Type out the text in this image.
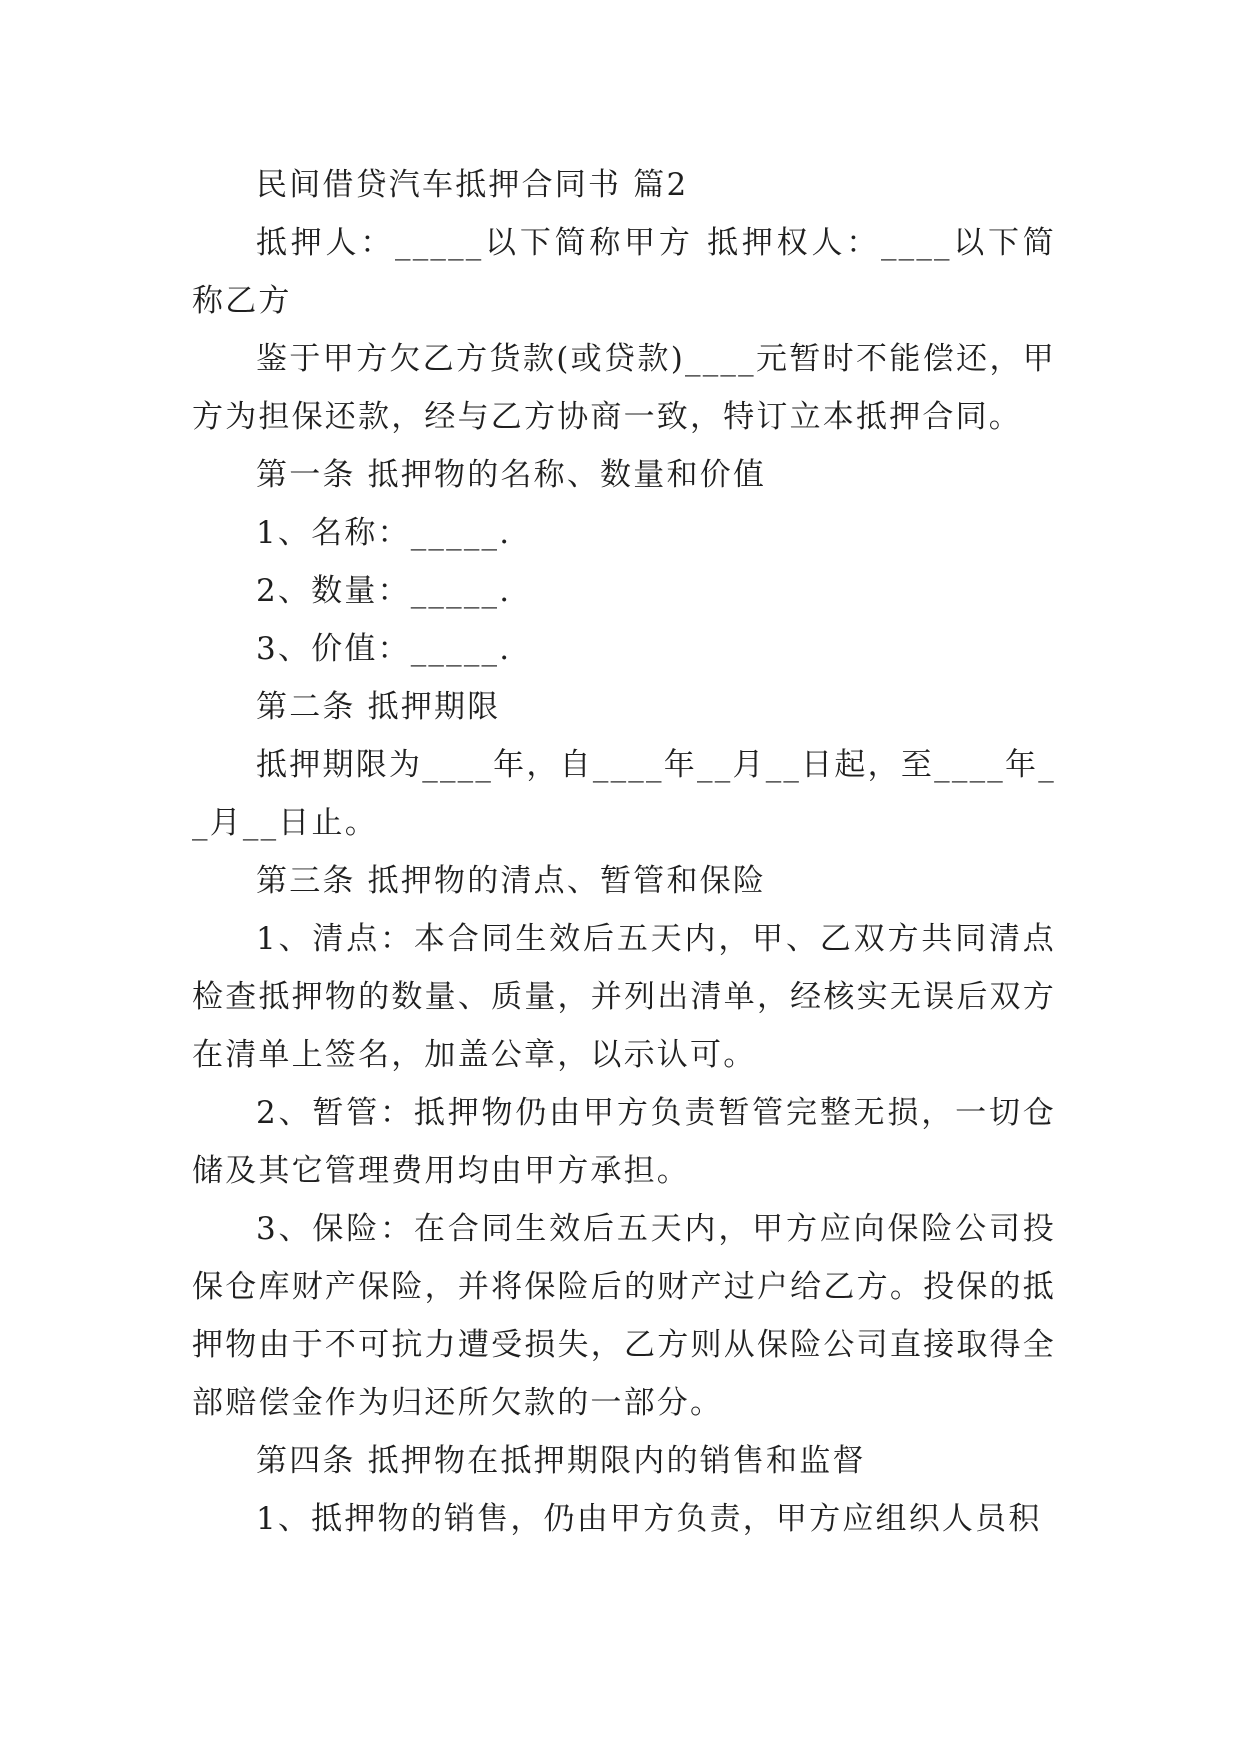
民间借贷汽车抵押合同书 篇2

抵押人：_____以下简称甲方 抵押权人：____以下简称乙方

鉴于甲方欠乙方货款(或贷款)____元暂时不能偿还，甲方为担保还款，经与乙方协商一致，特订立本抵押合同。

第一条 抵押物的名称、数量和价值

1、名称：_____.

2、数量：_____.

3、价值：_____.

第二条 抵押期限

抵押期限为____年，自____年__月__日起，至____年__月__日止。

第三条 抵押物的清点、暂管和保险

1、清点：本合同生效后五天内，甲、乙双方共同清点检查抵押物的数量、质量，并列出清单，经核实无误后双方在清单上签名，加盖公章，以示认可。

2、暂管：抵押物仍由甲方负责暂管完整无损，一切仓储及其它管理费用均由甲方承担。

3、保险：在合同生效后五天内，甲方应向保险公司投保仓库财产保险，并将保险后的财产过户给乙方。投保的抵押物由于不可抗力遭受损失，乙方则从保险公司直接取得全部赔偿金作为归还所欠款的一部分。

第四条 抵押物在抵押期限内的销售和监督

1、抵押物的销售，仍由甲方负责，甲方应组织人员积
